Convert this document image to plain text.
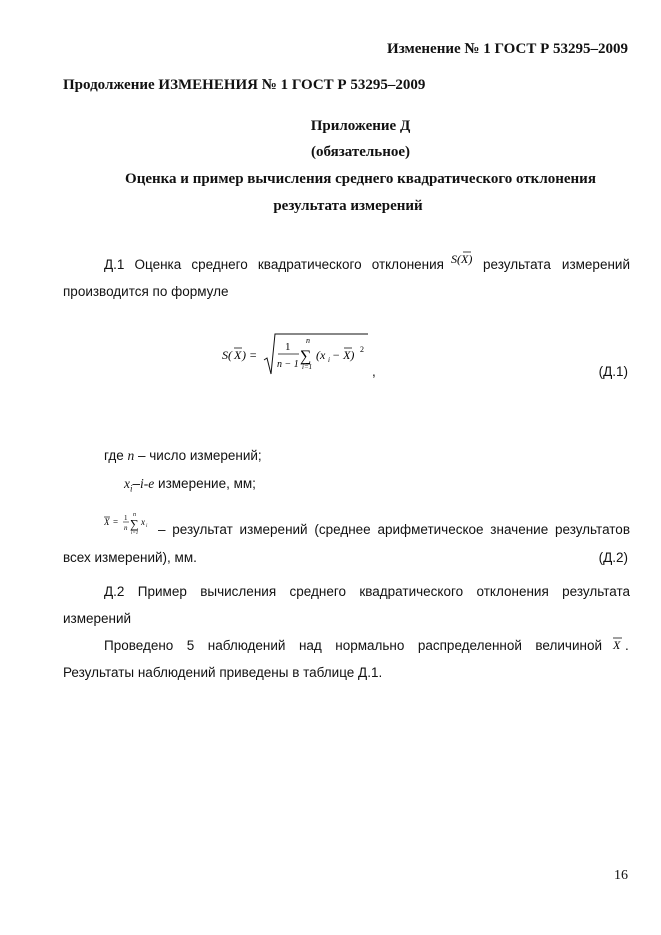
Изменение № 1 ГОСТ Р 53295–2009
Продолжение ИЗМЕНЕНИЯ № 1 ГОСТ Р 53295–2009
Приложение Д
(обязательное)
Оценка и пример вычисления среднего квадратического отклонения
результата измерений
Д.1 Оценка среднего квадратического отклонения S(X) результата измерений
производится по формуле
S( X ) =
1
n − 1
n
∑
i=1
(x i − X) 2
,	(Д.1)
где n – число измерений;
$x_i-i-е$ измерение, мм;
X = 1
n
n
∑
i=1
x i – результат измерений (среднее арифметическое значение результатов
всех измерений), мм.	(Д.2)
Д.2 Пример вычисления среднего квадратического отклонения результата
измерений
Проведено 5 наблюдений над нормально распределенной величиной X .
Результаты наблюдений приведены в таблице Д.1.
16
